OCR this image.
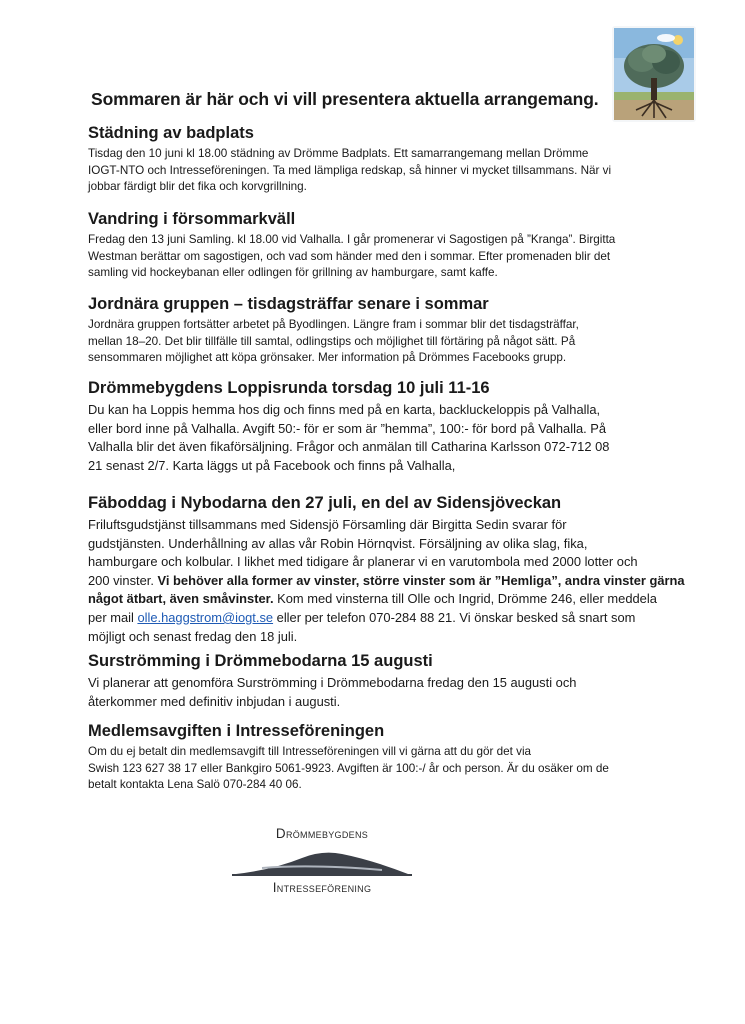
Sommaren är här och vi vill presentera aktuella arrangemang.
Städning av badplats

Tisdag den 10 juni kl 18.00 städning av Drömme Badplats. Ett samarrangemang mellan Drömme

IOGT-NTO och Intresseföreningen. Ta med lämpliga redskap, så hinner vi mycket tillsammans. När vi

jobbar färdigt blir det fika och korvgrillning.

Vandring i försommarkväll

Fredag den 13 juni Samling. kl 18.00 vid Valhalla. I går promenerar vi Sagostigen på ”Kranga”. Birgitta

Westman berättar om sagostigen, och vad som händer med den i sommar. Efter promenaden blir det

samling vid hockeybanan eller odlingen för grillning av hamburgare, samt kaffe.

Jordnära gruppen – tisdagsträffar senare i sommar

Jordnära gruppen fortsätter arbetet på Byodlingen. Längre fram i sommar blir det tisdagsträffar,

mellan 18–20. Det blir tillfälle till samtal, odlingstips och möjlighet till förtäring på något sätt. På

sensommaren möjlighet att köpa grönsaker. Mer information på Drömmes Facebooks grupp.

Drömmebygdens Loppisrunda torsdag 10 juli 11-16

Du kan ha Loppis hemma hos dig och finns med på en karta, backluckeloppis på Valhalla,

eller bord inne på Valhalla. Avgift 50:- för er som är ”hemma”, 100:- för bord på Valhalla. På

Valhalla blir det även fikaförsäljning. Frågor och anmälan till Catharina Karlsson 072-712 08

21 senast 2/7. Karta läggs ut på Facebook och finns på Valhalla,

Fäboddag i Nybodarna den 27 juli, en del av Sidensjöveckan

Friluftsgudstjänst tillsammans med Sidensjö Församling där Birgitta Sedin svarar för

gudstjänsten. Underhållning av allas vår Robin Hörnqvist. Försäljning av olika slag, fika,

hamburgare och kolbular. I likhet med tidigare år planerar vi en varutombola med 2000 lotter och

200 vinster. Vi behöver alla former av vinster, större vinster som är ”Hemliga”, andra vinster gärna

något ätbart, även småvinster. Kom med vinsterna till Olle och Ingrid, Drömme 246, eller meddela

per mail olle.haggstrom@iogt.se eller per telefon 070-284 88 21. Vi önskar besked så snart som

möjligt och senast fredag den 18 juli.

Surströmming i Drömmebodarna 15 augusti

Vi planerar att genomföra Surströmming i Drömmebodarna fredag den 15 augusti och

återkommer med definitiv inbjudan i augusti.

Medlemsavgiften i Intresseföreningen

Om du ej betalt din medlemsavgift till Intresseföreningen vill vi gärna att du gör det via

Swish 123 627 38 17 eller Bankgiro 5061-9923. Avgiften är 100:-/ år och person. Är du osäker om de

betalt kontakta Lena Salö 070-284 40 06.

Drömmebygdens
Intresseförening
